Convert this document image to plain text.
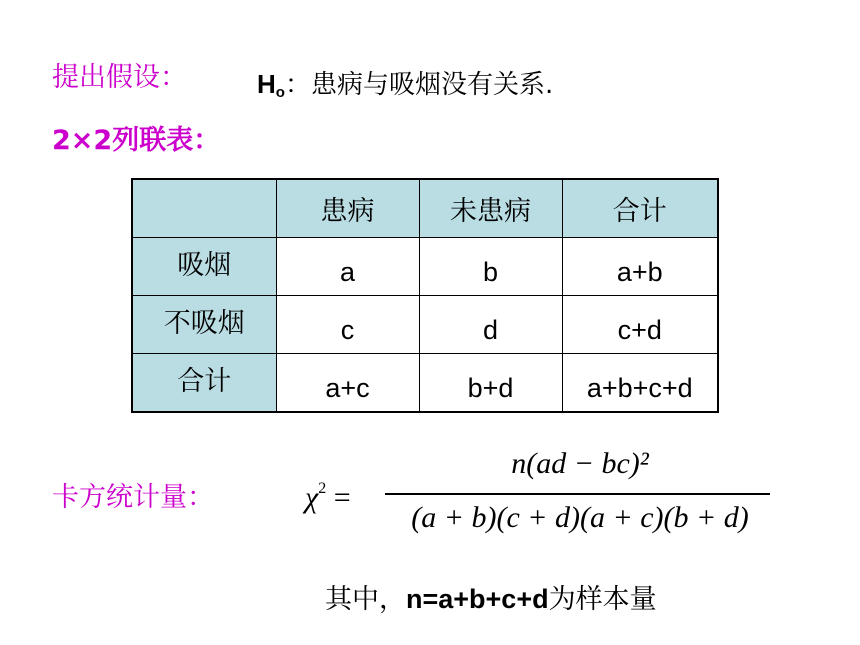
提出假设：	$H_o$：患病与吸烟没有关系.
2×2列联表：
	患病	未患病	合计
吸烟	a	b	a+b
不吸烟	c	d	c+d
合计	a+c	b+d	a+b+c+d
卡方统计量：	$\chi^2$ =
n(ad − bc)²
(a + b)(c + d)(a + c)(b + d)
其中，n=a+b+c+d为样本量
